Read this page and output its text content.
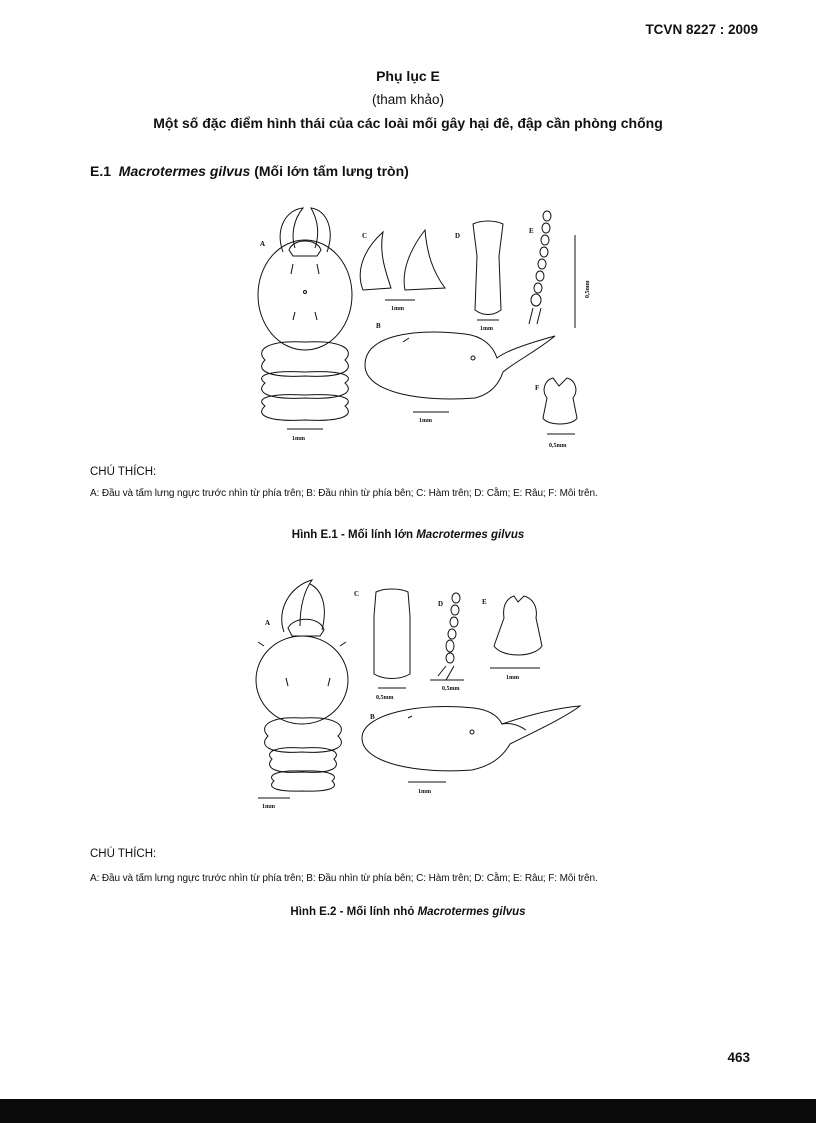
TCVN 8227 : 2009
Phụ lục E
(tham khảo)
Một số đặc điểm hình thái của các loài mối gây hại đê, đập cần phòng chống
E.1 Macrotermes gilvus (Mối lớn tấm lưng tròn)
A
1mm
C
1mm
D
1mm
E
0,5mm
B
1mm
F
0,5mm
CHÚ THÍCH:
A: Đầu và tấm lưng ngực trước nhìn từ phía trên; B: Đầu nhìn từ phía bên; C: Hàm trên; D: Cằm; E: Râu; F: Môi trên.
Hình E.1 - Mối lính lớn Macrotermes gilvus
A
1mm
C
0,5mm
D
0,5mm
E
1mm
B
1mm
CHÚ THÍCH:
A: Đầu và tấm lưng ngực trước nhìn từ phía trên; B: Đầu nhìn từ phía bên; C: Hàm trên; D: Cằm; E: Râu; F: Môi trên.
Hình E.2 - Mối lính nhỏ Macrotermes gilvus
463
